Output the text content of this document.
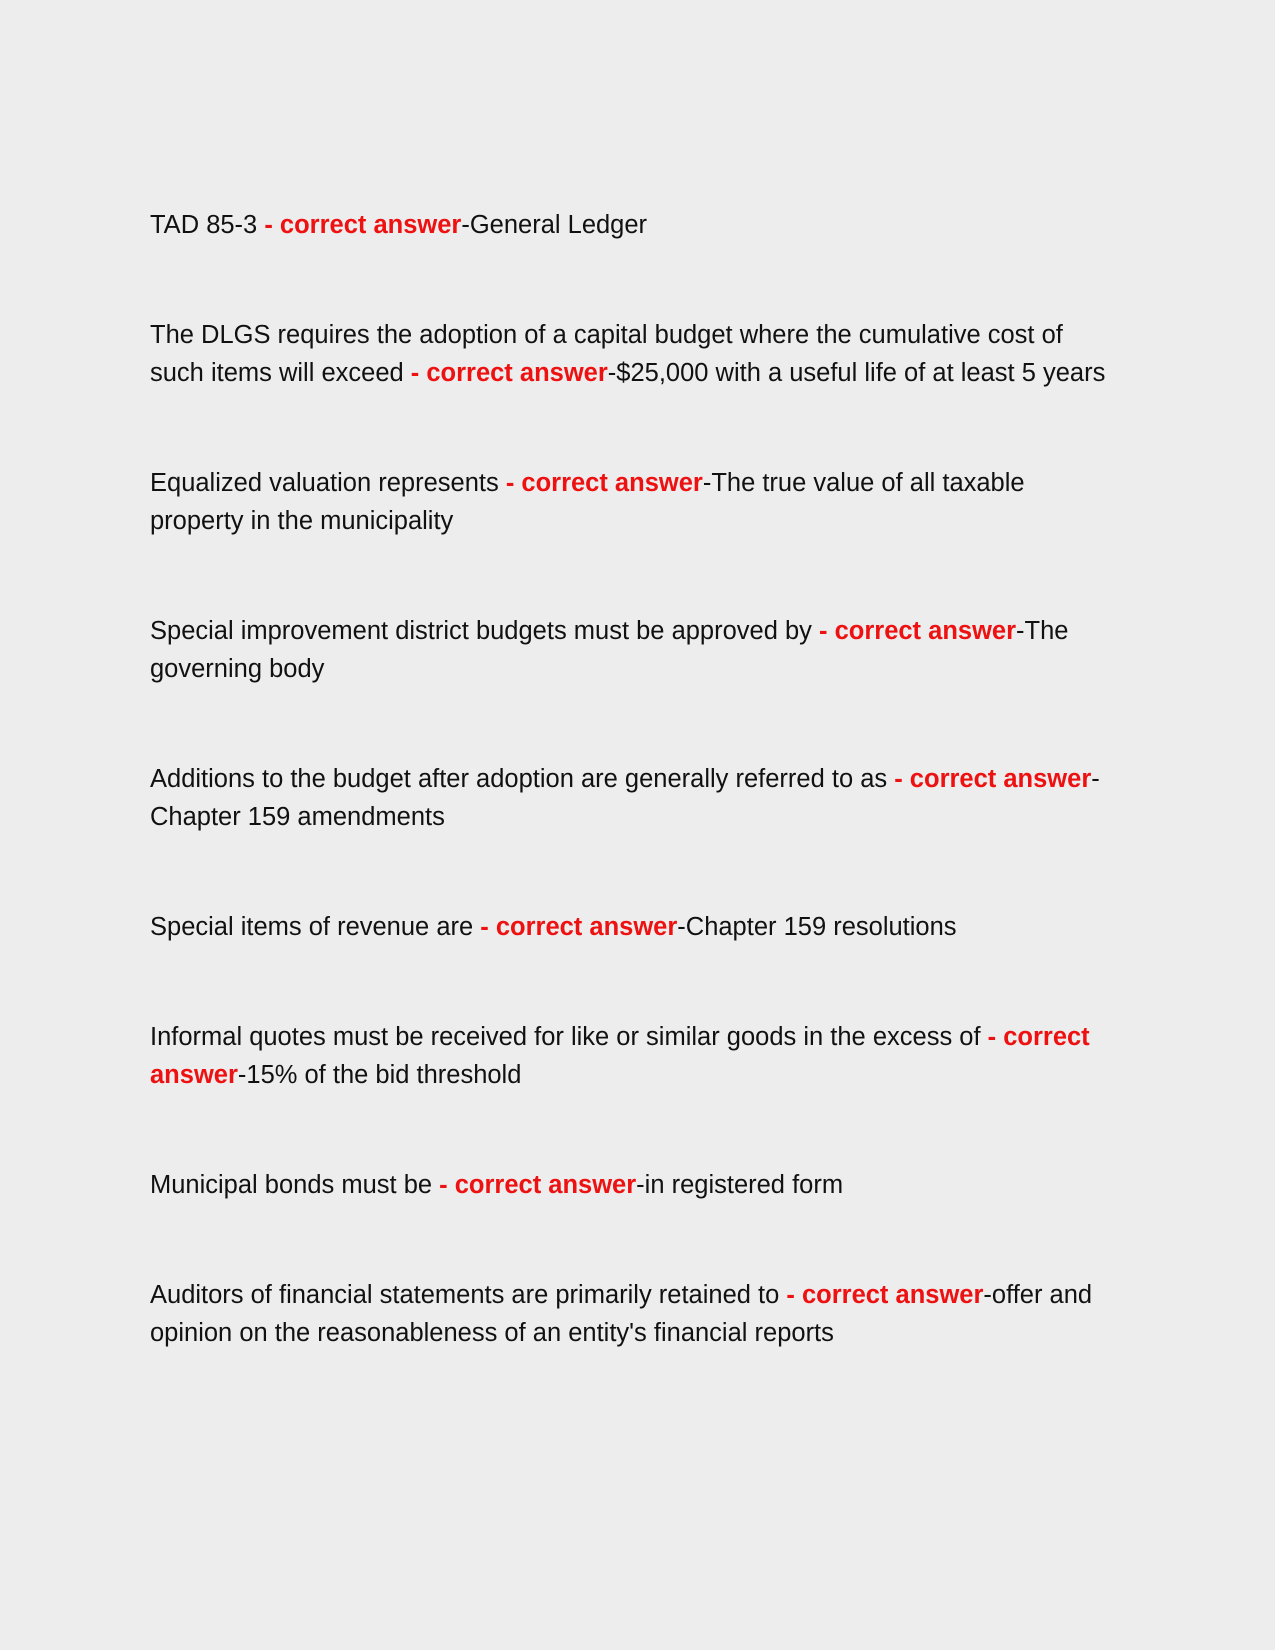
TAD 85-3 - correct answer-General Ledger

The DLGS requires the adoption of a capital budget where the cumulative cost of such items will exceed - correct answer-$25,000 with a useful life of at least 5 years

Equalized valuation represents - correct answer-The true value of all taxable property in the municipality

Special improvement district budgets must be approved by - correct answer-The governing body

Additions to the budget after adoption are generally referred to as - correct answer-Chapter 159 amendments

Special items of revenue are - correct answer-Chapter 159 resolutions

Informal quotes must be received for like or similar goods in the excess of - correct answer-15% of the bid threshold

Municipal bonds must be - correct answer-in registered form

Auditors of financial statements are primarily retained to - correct answer-offer and opinion on the reasonableness of an entity's financial reports
